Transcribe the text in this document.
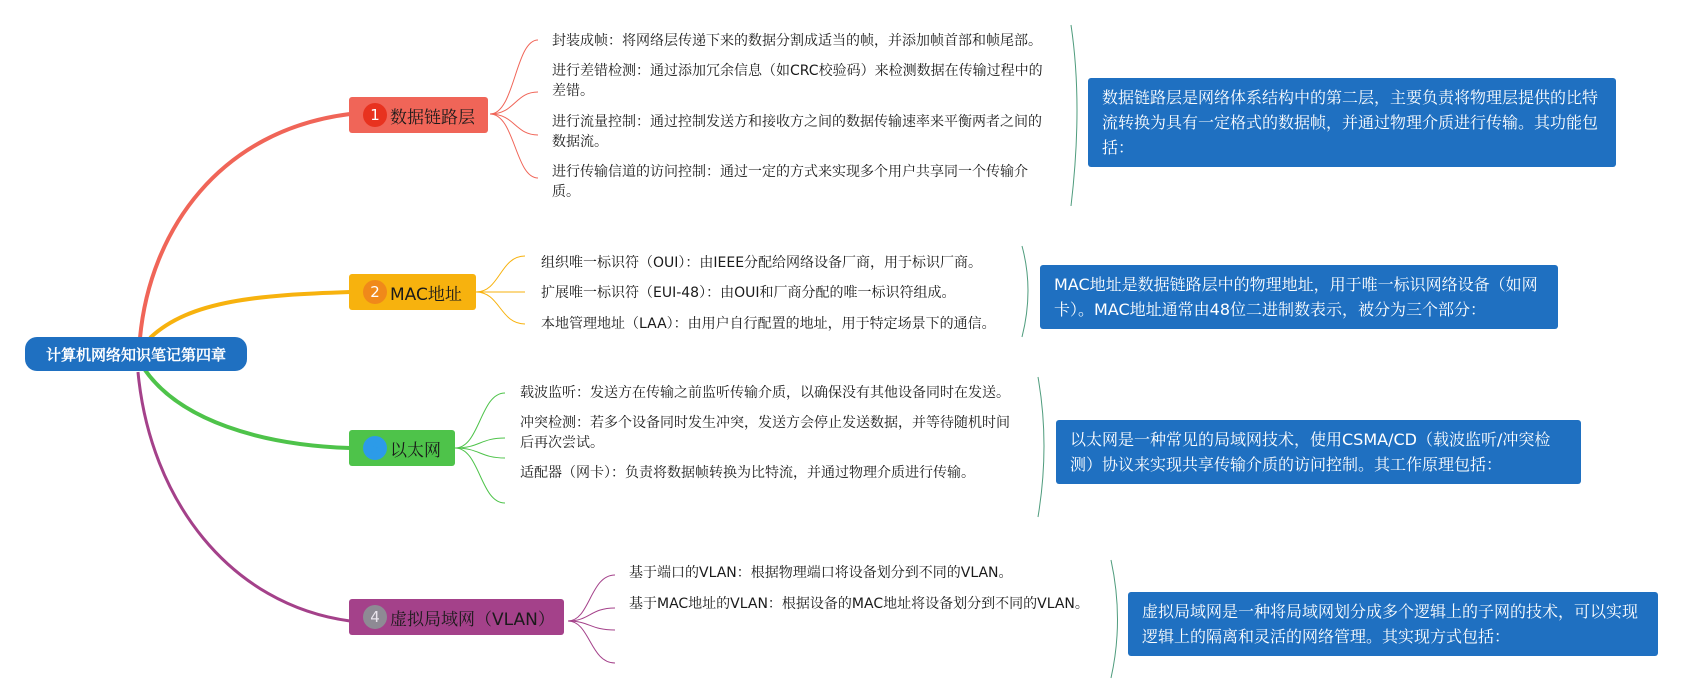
计算机网络知识笔记第四章
1 数据链路层
封装成帧：将网络层传递下来的数据分割成适当的帧，并添加帧首部和帧尾部。
进行差错检测：通过添加冗余信息（如CRC校验码）来检测数据在传输过程中的差错。
进行流量控制：通过控制发送方和接收方之间的数据传输速率来平衡两者之间的数据流。
进行传输信道的访问控制：通过一定的方式来实现多个用户共享同一个传输介质。
数据链路层是网络体系结构中的第二层，主要负责将物理层提供的比特流转换为具有一定格式的数据帧，并通过物理介质进行传输。其功能包括：
2 MAC地址
组织唯一标识符（OUI）：由IEEE分配给网络设备厂商，用于标识厂商。
扩展唯一标识符（EUI-48）：由OUI和厂商分配的唯一标识符组成。
本地管理地址（LAA）：由用户自行配置的地址，用于特定场景下的通信。
MAC地址是数据链路层中的物理地址，用于唯一标识网络设备（如网卡）。MAC地址通常由48位二进制数表示，被分为三个部分：
3 以太网
载波监听：发送方在传输之前监听传输介质，以确保没有其他设备同时在发送。
冲突检测：若多个设备同时发生冲突，发送方会停止发送数据，并等待随机时间后再次尝试。
适配器（网卡）：负责将数据帧转换为比特流，并通过物理介质进行传输。
以太网是一种常见的局域网技术，使用CSMA/CD（载波监听/冲突检测）协议来实现共享传输介质的访问控制。其工作原理包括：
4 虚拟局域网（VLAN）
基于端口的VLAN：根据物理端口将设备划分到不同的VLAN。
基于MAC地址的VLAN：根据设备的MAC地址将设备划分到不同的VLAN。	虚拟局域网是一种将局域网划分成多个逻辑上的子网的技术，可以实现逻辑上的隔离和灵活的网络管理。其实现方式包括：
